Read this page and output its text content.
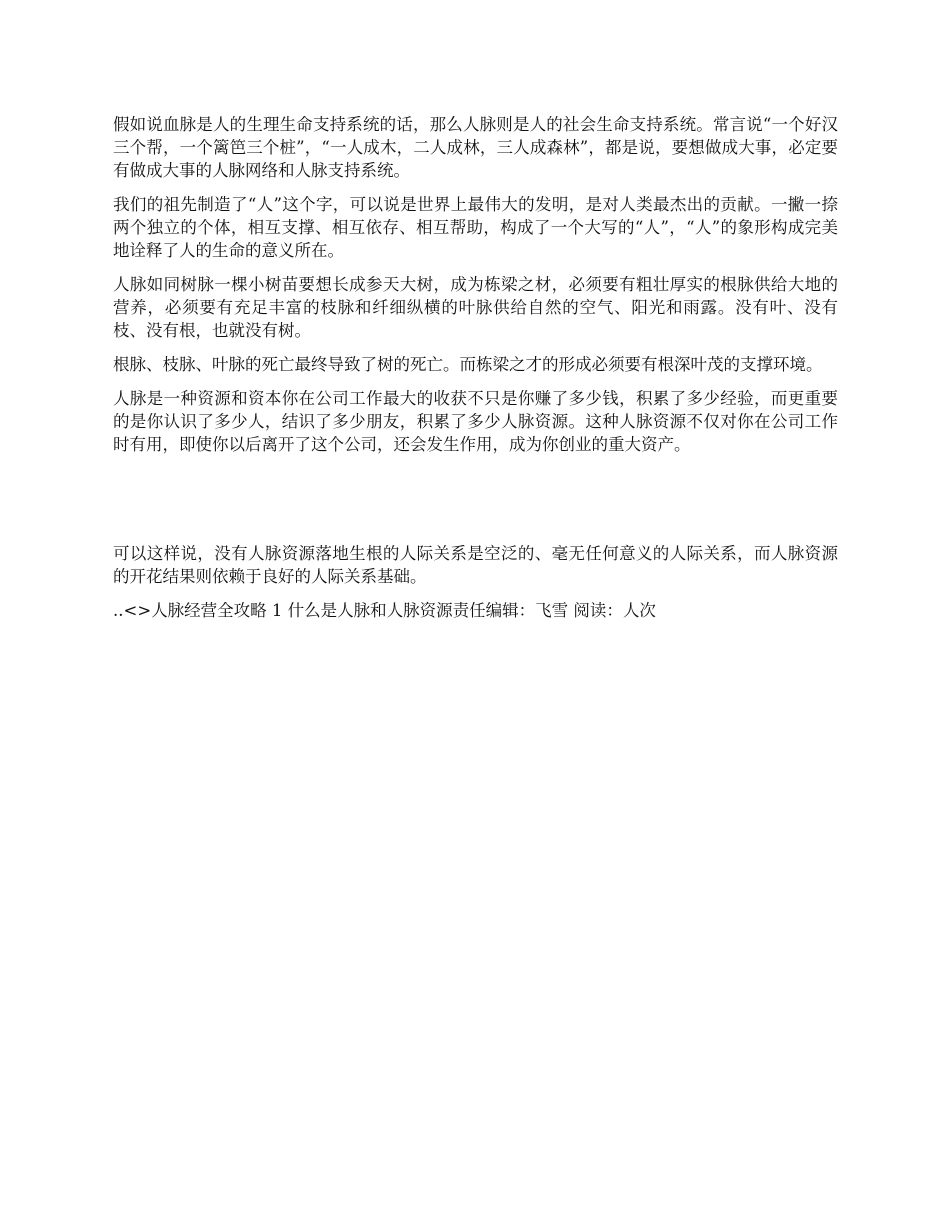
假如说血脉是人的生理生命支持系统的话，那么人脉则是人的社会生命支持系统。常言说“一个好汉三个帮，一个篱笆三个桩”，“一人成木，二人成林，三人成森林”，都是说，要想做成大事，必定要有做成大事的人脉网络和人脉支持系统。

我们的祖先制造了“人”这个字，可以说是世界上最伟大的发明，是对人类最杰出的贡献。一撇一捺两个独立的个体，相互支撑、相互依存、相互帮助，构成了一个大写的“人”，“人”的象形构成完美地诠释了人的生命的意义所在。

人脉如同树脉一棵小树苗要想长成参天大树，成为栋梁之材，必须要有粗壮厚实的根脉供给大地的营养，必须要有充足丰富的枝脉和纤细纵横的叶脉供给自然的空气、阳光和雨露。没有叶、没有枝、没有根，也就没有树。

根脉、枝脉、叶脉的死亡最终导致了树的死亡。而栋梁之才的形成必须要有根深叶茂的支撑环境。

人脉是一种资源和资本你在公司工作最大的收获不只是你赚了多少钱，积累了多少经验，而更重要的是你认识了多少人，结识了多少朋友，积累了多少人脉资源。这种人脉资源不仅对你在公司工作时有用，即使你以后离开了这个公司，还会发生作用，成为你创业的重大资产。

可以这样说，没有人脉资源落地生根的人际关系是空泛的、毫无任何意义的人际关系，而人脉资源的开花结果则依赖于良好的人际关系基础。

..<>人脉经营全攻略 1 什么是人脉和人脉资源责任编辑：飞雪 阅读：人次
